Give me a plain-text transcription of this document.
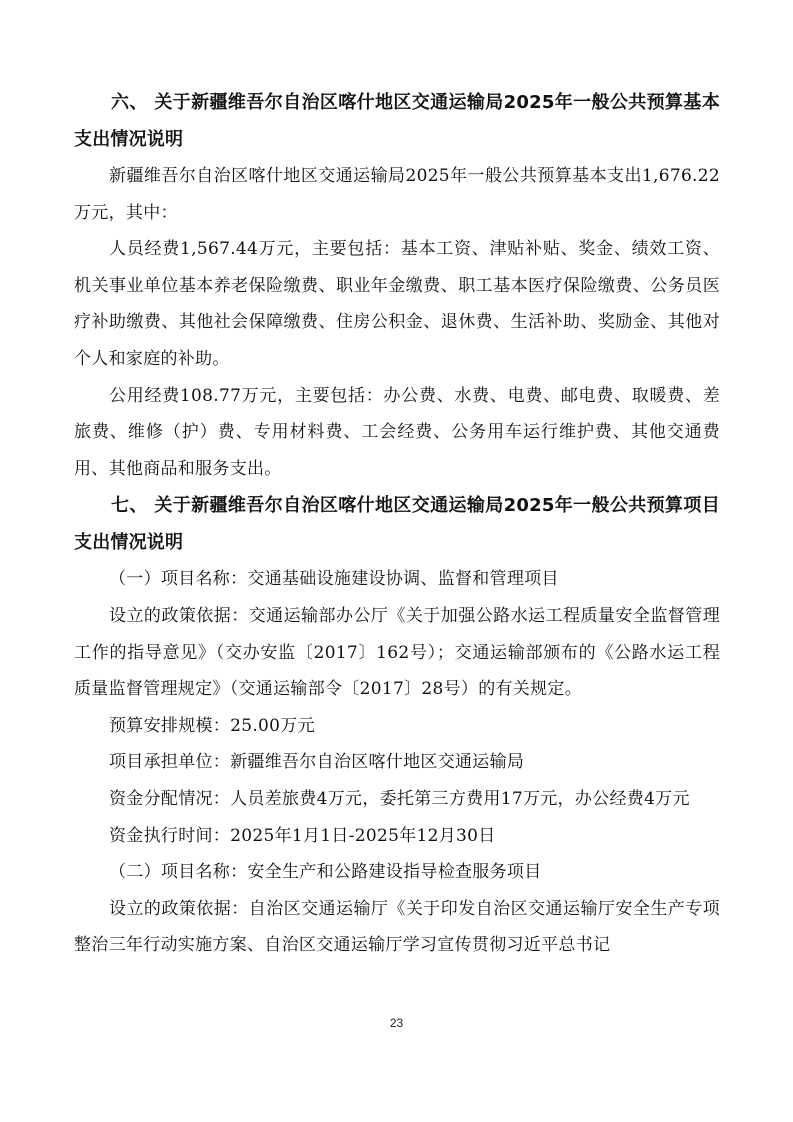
六、 关于新疆维吾尔自治区喀什地区交通运输局2025年一般公共预算基本支出情况说明
新疆维吾尔自治区喀什地区交通运输局2025年一般公共预算基本支出1,676.22万元，其中：
人员经费1,567.44万元，主要包括：基本工资、津贴补贴、奖金、绩效工资、机关事业单位基本养老保险缴费、职业年金缴费、职工基本医疗保险缴费、公务员医疗补助缴费、其他社会保障缴费、住房公积金、退休费、生活补助、奖励金、其他对个人和家庭的补助。
公用经费108.77万元，主要包括：办公费、水费、电费、邮电费、取暖费、差旅费、维修（护）费、专用材料费、工会经费、公务用车运行维护费、其他交通费用、其他商品和服务支出。
七、 关于新疆维吾尔自治区喀什地区交通运输局2025年一般公共预算项目支出情况说明
（一）项目名称：交通基础设施建设协调、监督和管理项目
设立的政策依据：交通运输部办公厅《关于加强公路水运工程质量安全监督管理工作的指导意见》（交办安监〔2017〕162号）；交通运输部颁布的《公路水运工程质量监督管理规定》（交通运输部令〔2017〕28号）的有关规定。
预算安排规模：25.00万元
项目承担单位：新疆维吾尔自治区喀什地区交通运输局
资金分配情况：人员差旅费4万元，委托第三方费用17万元，办公经费4万元
资金执行时间：2025年1月1日-2025年12月30日
（二）项目名称：安全生产和公路建设指导检查服务项目
设立的政策依据：自治区交通运输厅《关于印发自治区交通运输厅安全生产专项整治三年行动实施方案、自治区交通运输厅学习宣传贯彻习近平总书记
23
